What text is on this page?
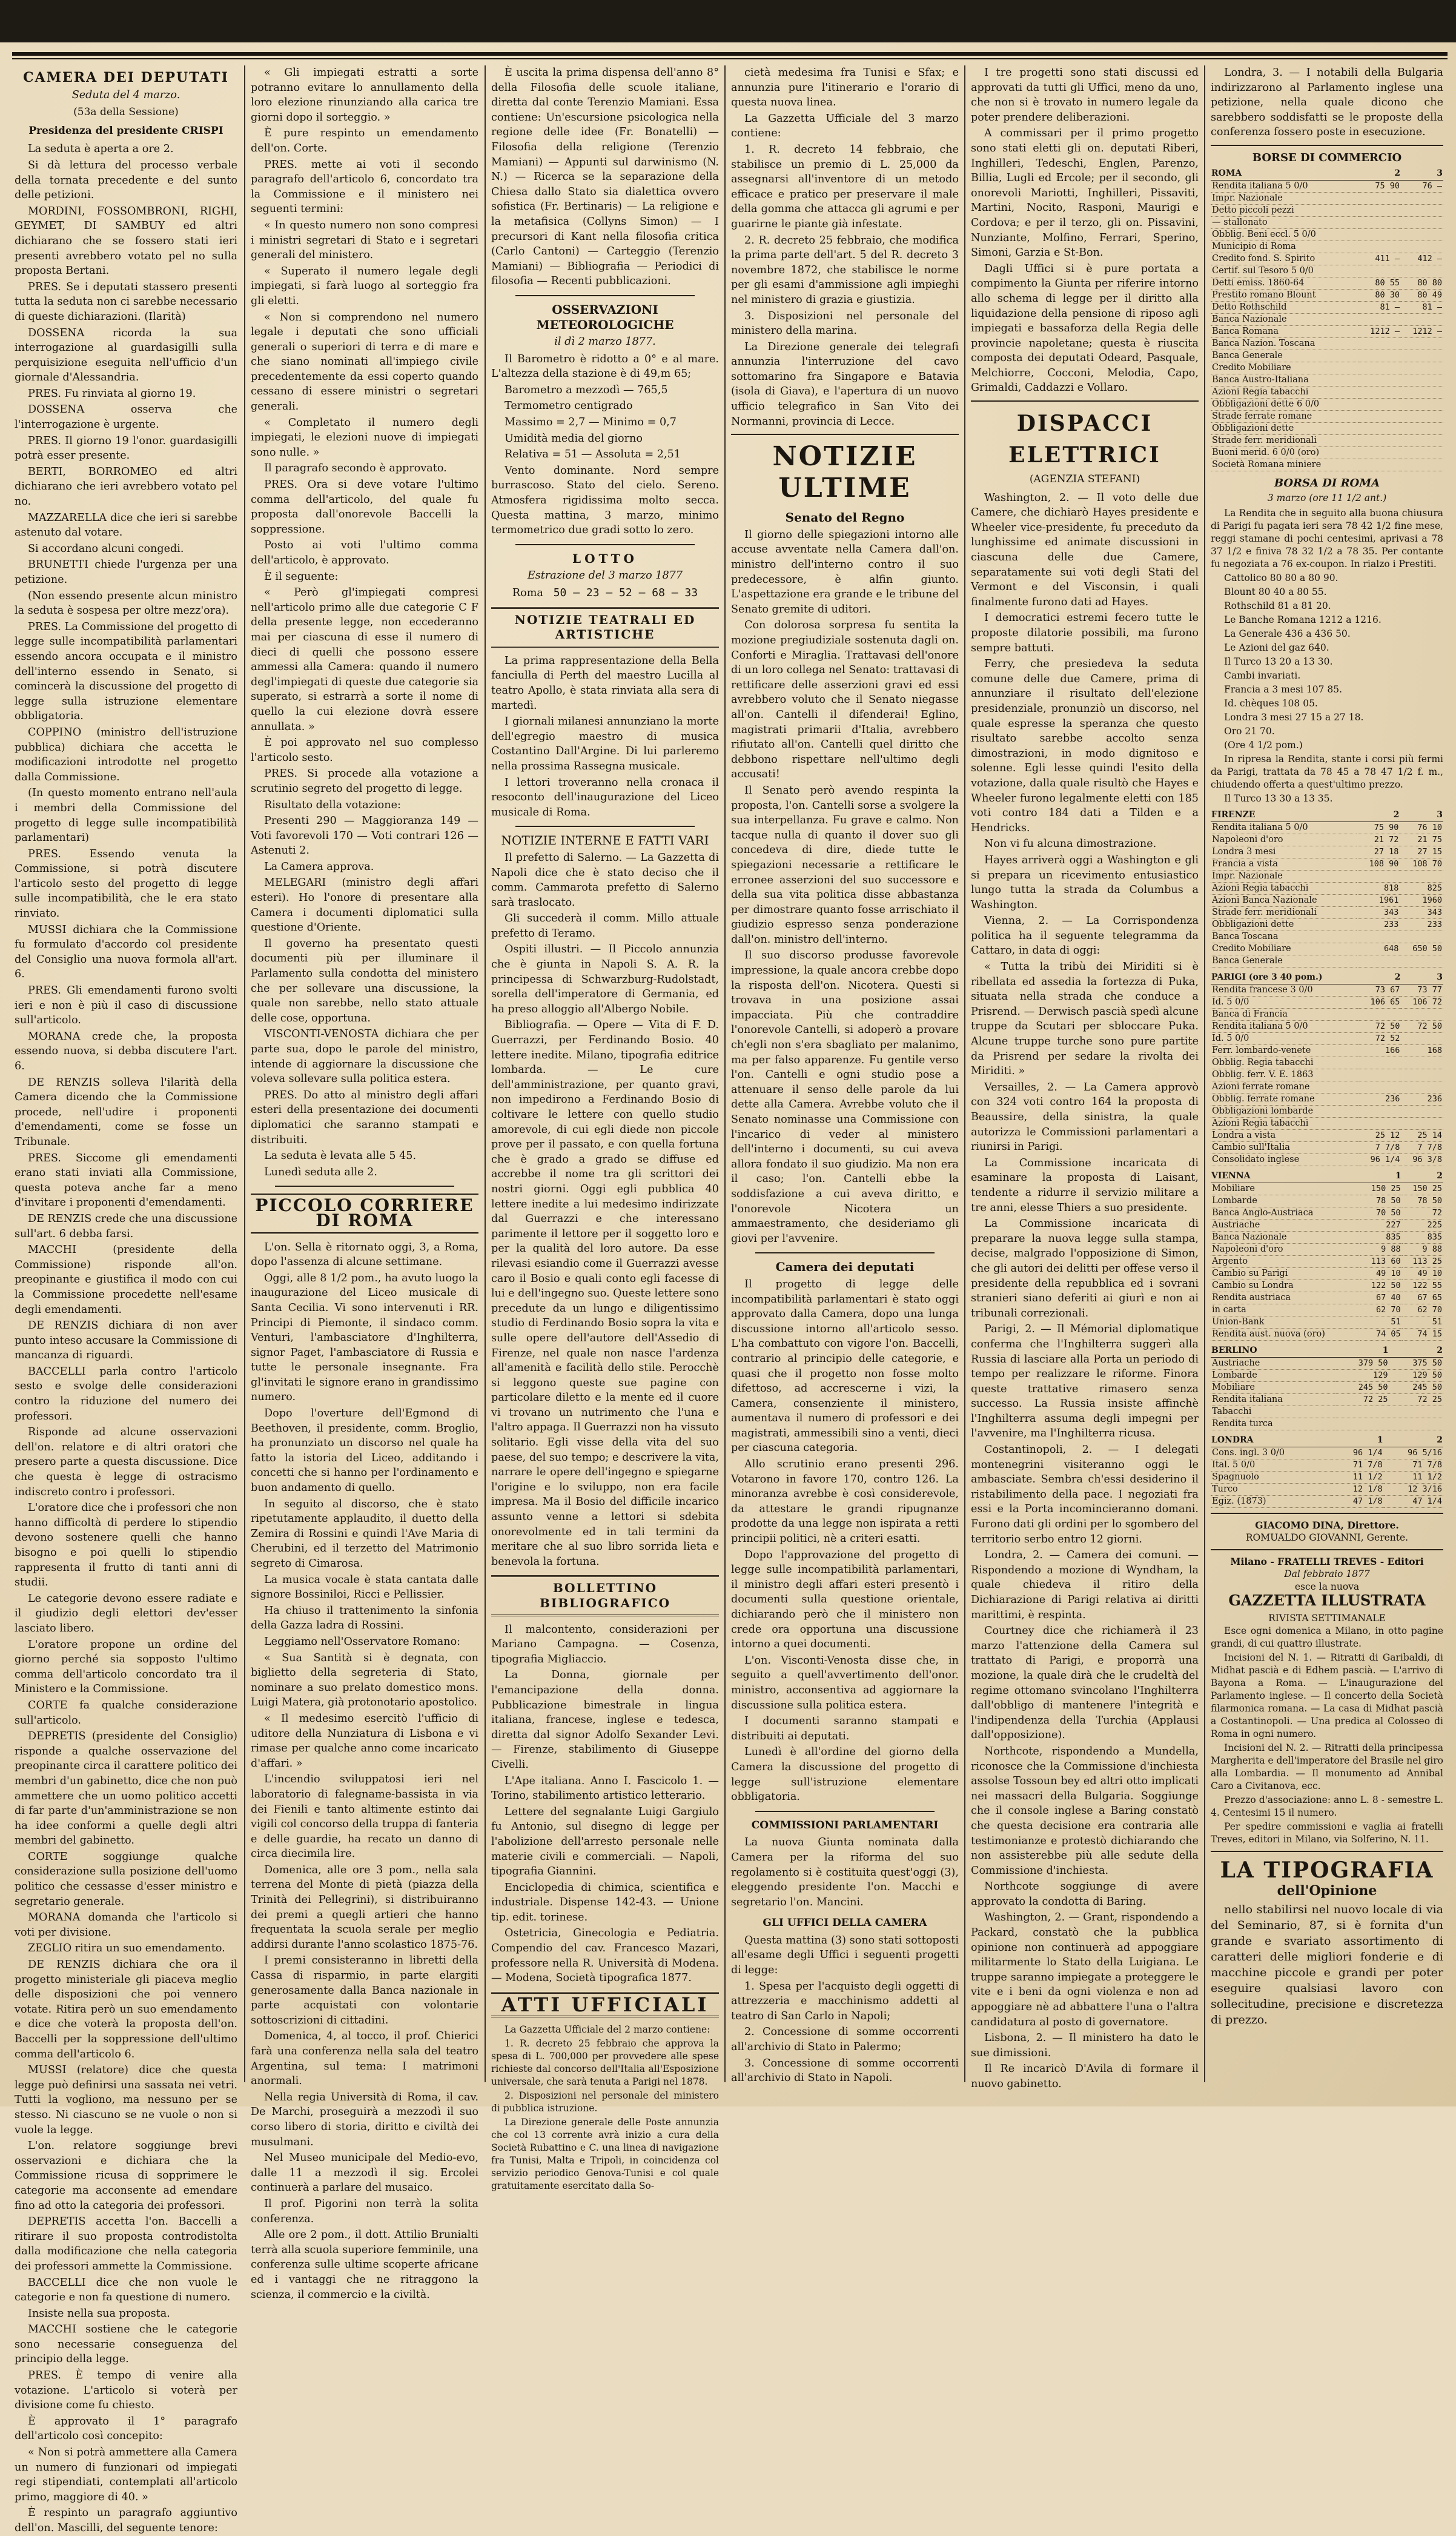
CAMERA DEI DEPUTATI
Seduta del 4 marzo.
(53a della Sessione)
Presidenza del presidente CRISPI

La seduta è aperta a ore 2.

Si dà lettura del processo verbale della tornata precedente e del sunto delle petizioni.

MORDINI, FOSSOMBRONI, RIGHI, GEYMET, DI SAMBUY ed altri dichiarano che se fossero stati ieri presenti avrebbero votato pel no sulla proposta Bertani.

PRES. Se i deputati stassero presenti tutta la seduta non ci sarebbe necessario di queste dichiarazioni. (Ilarità)

DOSSENA ricorda la sua interrogazione al guardasigilli sulla perquisizione eseguita nell'ufficio d'un giornale d'Alessandria.

PRES. Fu rinviata al giorno 19.

DOSSENA osserva che l'interrogazione è urgente.

PRES. Il giorno 19 l'onor. guardasigilli potrà esser presente.

BERTI, BORROMEO ed altri dichiarano che ieri avrebbero votato pel no.

MAZZARELLA dice che ieri si sarebbe astenuto dal votare.

Si accordano alcuni congedi.

BRUNETTI chiede l'urgenza per una petizione.

(Non essendo presente alcun ministro la seduta è sospesa per oltre mezz'ora).

PRES. La Commissione del progetto di legge sulle incompatibilità parlamentari essendo ancora occupata e il ministro dell'interno essendo in Senato, si comincerà la discussione del progetto di legge sulla istruzione elementare obbligatoria.

COPPINO (ministro dell'istruzione pubblica) dichiara che accetta le modificazioni introdotte nel progetto dalla Commissione.

(In questo momento entrano nell'aula i membri della Commissione del progetto di legge sulle incompatibilità parlamentari)

PRES. Essendo venuta la Commissione, si potrà discutere l'articolo sesto del progetto di legge sulle incompatibilità, che le era stato rinviato.

MUSSI dichiara che la Commissione fu formulato d'accordo col presidente del Consiglio una nuova formola all'art. 6.

PRES. Gli emendamenti furono svolti ieri e non è più il caso di discussione sull'articolo.

MORANA crede che, la proposta essendo nuova, si debba discutere l'art. 6.

DE RENZIS solleva l'ilarità della Camera dicendo che la Commissione procede, nell'udire i proponenti d'emendamenti, come se fosse un Tribunale.

PRES. Siccome gli emendamenti erano stati inviati alla Commissione, questa poteva anche far a meno d'invitare i proponenti d'emendamenti.

DE RENZIS crede che una discussione sull'art. 6 debba farsi.

MACCHI (presidente della Commissione) risponde all'on. preopinante e giustifica il modo con cui la Commissione procedette nell'esame degli emendamenti.

DE RENZIS dichiara di non aver punto inteso accusare la Commissione di mancanza di riguardi.

BACCELLI parla contro l'articolo sesto e svolge delle considerazioni contro la riduzione del numero dei professori.

Risponde ad alcune osservazioni dell'on. relatore e di altri oratori che presero parte a questa discussione. Dice che questa è legge di ostracismo indiscreto contro i professori.

L'oratore dice che i professori che non hanno difficoltà di perdere lo stipendio devono sostenere quelli che hanno bisogno e poi quelli lo stipendio rappresenta il frutto di tanti anni di studii.

Le categorie devono essere radiate e il giudizio degli elettori dev'esser lasciato libero.

L'oratore propone un ordine del giorno perché sia sopposto l'ultimo comma dell'articolo concordato tra il Ministero e la Commissione.

CORTE fa qualche considerazione sull'articolo.

DEPRETIS (presidente del Consiglio) risponde a qualche osservazione del preopinante circa il carattere politico dei membri d'un gabinetto, dice che non può ammettere che un uomo politico accetti di far parte d'un'amministrazione se non ha idee conformi a quelle degli altri membri del gabinetto.

CORTE soggiunge qualche considerazione sulla posizione dell'uomo politico che cessasse d'esser ministro e segretario generale.

MORANA domanda che l'articolo si voti per divisione.

ZEGLIO ritira un suo emendamento.

DE RENZIS dichiara che ora il progetto ministeriale gli piaceva meglio delle disposizioni che poi vennero votate. Ritira però un suo emendamento e dice che voterà la proposta dell'on. Baccelli per la soppressione dell'ultimo comma dell'articolo 6.

MUSSI (relatore) dice che questa legge può definirsi una sassata nei vetri. Tutti la vogliono, ma nessuno per se stesso. Ni ciascuno se ne vuole o non si vuole la legge.

L'on. relatore soggiunge brevi osservazioni e dichiara che la Commissione ricusa di sopprimere le categorie ma acconsente ad emendare fino ad otto la categoria dei professori.

DEPRETIS accetta l'on. Baccelli a ritirare il suo proposta controdistolta dalla modificazione che nella categoria dei professori ammette la Commissione.

BACCELLI dice che non vuole le categorie e non fa questione di numero.

Insiste nella sua proposta.

MACCHI sostiene che le categorie sono necessarie conseguenza del principio della legge.

PRES. È tempo di venire alla votazione. L'articolo si voterà per divisione come fu chiesto.

È approvato il 1° paragrafo dell'articolo così concepito:

« Non si potrà ammettere alla Camera un numero di funzionari od impiegati regi stipendiati, contemplati all'articolo primo, maggiore di 40. »

È respinto un paragrafo aggiuntivo dell'on. Mascilli, del seguente tenore:

« Gli impiegati estratti a sorte potranno evitare lo annullamento della loro elezione rinunziando alla carica tre giorni dopo il sorteggio. »

È pure respinto un emendamento dell'on. Corte.

PRES. mette ai voti il secondo paragrafo dell'articolo 6, concordato tra la Commissione e il ministero nei seguenti termini:

« In questo numero non sono compresi i ministri segretari di Stato e i segretari generali del ministero.

« Superato il numero legale degli impiegati, si farà luogo al sorteggio fra gli eletti.

« Non si comprendono nel numero legale i deputati che sono ufficiali generali o superiori di terra e di mare e che siano nominati all'impiego civile precedentemente da essi coperto quando cessano di essere ministri o segretari generali.

« Completato il numero degli impiegati, le elezioni nuove di impiegati sono nulle. »

Il paragrafo secondo è approvato.

PRES. Ora si deve votare l'ultimo comma dell'articolo, del quale fu proposta dall'onorevole Baccelli la soppressione.

Posto ai voti l'ultimo comma dell'articolo, è approvato.

È il seguente:

« Però gl'impiegati compresi nell'articolo primo alle due categorie C F della presente legge, non eccederanno mai per ciascuna di esse il numero di dieci di quelli che possono essere ammessi alla Camera: quando il numero degl'impiegati di queste due categorie sia superato, si estrarrà a sorte il nome di quello la cui elezione dovrà essere annullata. »

È poi approvato nel suo complesso l'articolo sesto.

PRES. Si procede alla votazione a scrutinio segreto del progetto di legge.

Risultato della votazione:

Presenti 290 — Maggioranza 149 — Voti favorevoli 170 — Voti contrari 126 — Astenuti 2.

La Camera approva.

MELEGARI (ministro degli affari esteri). Ho l'onore di presentare alla Camera i documenti diplomatici sulla questione d'Oriente.

Il governo ha presentato questi documenti più per illuminare il Parlamento sulla condotta del ministero che per sollevare una discussione, la quale non sarebbe, nello stato attuale delle cose, opportuna.

VISCONTI-VENOSTA dichiara che per parte sua, dopo le parole del ministro, intende di aggiornare la discussione che voleva sollevare sulla politica estera.

PRES. Do atto al ministro degli affari esteri della presentazione dei documenti diplomatici che saranno stampati e distribuiti.

La seduta è levata alle 5 45.

Lunedì seduta alle 2.

PICCOLO CORRIERE DI ROMA

L'on. Sella è ritornato oggi, 3, a Roma, dopo l'assenza di alcune settimane.

Oggi, alle 8 1/2 pom., ha avuto luogo la inaugurazione del Liceo musicale di Santa Cecilia. Vi sono intervenuti i RR. Principi di Piemonte, il sindaco comm. Venturi, l'ambasciatore d'Inghilterra, signor Paget, l'ambasciatore di Russia e tutte le personale insegnante. Fra gl'invitati le signore erano in grandissimo numero.

Dopo l'overture dell'Egmond di Beethoven, il presidente, comm. Broglio, ha pronunziato un discorso nel quale ha fatto la istoria del Liceo, additando i concetti che si hanno per l'ordinamento e buon andamento di quello.

In seguito al discorso, che è stato ripetutamente applaudito, il duetto della Zemira di Rossini e quindi l'Ave Maria di Cherubini, ed il terzetto del Matrimonio segreto di Cimarosa.

La musica vocale è stata cantata dalle signore Bossiniloi, Ricci e Pellissier.

Ha chiuso il trattenimento la sinfonia della Gazza ladra di Rossini.

Leggiamo nell'Osservatore Romano:

« Sua Santità si è degnata, con biglietto della segreteria di Stato, nominare a suo prelato domestico mons. Luigi Matera, già protonotario apostolico.

« Il medesimo esercitò l'ufficio di uditore della Nunziatura di Lisbona e vi rimase per qualche anno come incaricato d'affari. »

L'incendio sviluppatosi ieri nel laboratorio di falegname-bassista in via dei Fienili e tanto altimente estinto dai vigili col concorso della truppa di fanteria e delle guardie, ha recato un danno di circa diecimila lire.

Domenica, alle ore 3 pom., nella sala terrena del Monte di pietà (piazza della Trinità dei Pellegrini), si distribuiranno dei premi a quegli artieri che hanno frequentata la scuola serale per meglio addirsi durante l'anno scolastico 1875-76.

I premi consisteranno in libretti della Cassa di risparmio, in parte elargiti generosamente dalla Banca nazionale in parte acquistati con volontarie sottoscrizioni di cittadini.

Domenica, 4, al tocco, il prof. Chierici farà una conferenza nella sala del teatro Argentina, sul tema: I matrimoni anormali.

Nella regia Università di Roma, il cav. De Marchi, proseguirà a mezzodì il suo corso libero di storia, diritto e civiltà dei musulmani.

Nel Museo municipale del Medio-evo, dalle 11 a mezzodì il sig. Ercolei continuerà a parlare del musaico.

Il prof. Pigorini non terrà la solita conferenza.

Alle ore 2 pom., il dott. Attilio Brunialti terrà alla scuola superiore femminile, una conferenza sulle ultime scoperte africane ed i vantaggi che ne ritraggono la scienza, il commercio e la civiltà.

È uscita la prima dispensa dell'anno 8° della Filosofia delle scuole italiane, diretta dal conte Terenzio Mamiani. Essa contiene: Un'escursione psicologica nella regione delle idee (Fr. Bonatelli) — Filosofia della religione (Terenzio Mamiani) — Appunti sul darwinismo (N. N.) — Ricerca se la separazione della Chiesa dallo Stato sia dialettica ovvero sofistica (Fr. Bertinaris) — La religione e la metafisica (Collyns Simon) — I precursori di Kant nella filosofia critica (Carlo Cantoni) — Carteggio (Terenzio Mamiani) — Bibliografia — Periodici di filosofia — Recenti pubblicazioni.

OSSERVAZIONI METEOROLOGICHE
il dì 2 marzo 1877.

Il Barometro è ridotto a 0° e al mare. L'altezza della stazione è di 49,m 65;

Barometro a mezzodì — 765,5

Termometro centigrado

Massimo = 2,7 — Minimo = 0,7

Umidità media del giorno

Relativa = 51 — Assoluta = 2,51

Vento dominante. Nord sempre burrascoso. Stato del cielo. Sereno. Atmosfera rigidissima molto secca. Questa mattina, 3 marzo, minimo termometrico due gradi sotto lo zero.

LOTTO
Estrazione del 3 marzo 1877
Roma 50 — 23 — 52 — 68 — 33
NOTIZIE TEATRALI ED ARTISTICHE

La prima rappresentazione della Bella fanciulla di Perth del maestro Lucilla al teatro Apollo, è stata rinviata alla sera di martedì.

I giornali milanesi annunziano la morte dell'egregio maestro di musica Costantino Dall'Argine. Di lui parleremo nella prossima Rassegna musicale.

I lettori troveranno nella cronaca il resoconto dell'inaugurazione del Liceo musicale di Roma.

NOTIZIE INTERNE E FATTI VARI

Il prefetto di Salerno. — La Gazzetta di Napoli dice che è stato deciso che il comm. Cammarota prefetto di Salerno sarà traslocato.

Gli succederà il comm. Millo attuale prefetto di Teramo.

Ospiti illustri. — Il Piccolo annunzia che è giunta in Napoli S. A. R. la principessa di Schwarzburg-Rudolstadt, sorella dell'imperatore di Germania, ed ha preso alloggio all'Albergo Nobile.

Bibliografia. — Opere — Vita di F. D. Guerrazzi, per Ferdinando Bosio. 40 lettere inedite. Milano, tipografia editrice lombarda. — Le cure dell'amministrazione, per quanto gravi, non impedirono a Ferdinando Bosio di coltivare le lettere con quello studio amorevole, di cui egli diede non piccole prove per il passato, e con quella fortuna che è grado a grado se diffuse ed accrebbe il nome tra gli scrittori dei nostri giorni. Oggi egli pubblica 40 lettere inedite a lui medesimo indirizzate dal Guerrazzi e che interessano parimente il lettore per il soggetto loro e per la qualità del loro autore. Da esse rilevasi esiandio come il Guerrazzi avesse caro il Bosio e quali conto egli facesse di lui e dell'ingegno suo. Queste lettere sono precedute da un lungo e diligentissimo studio di Ferdinando Bosio sopra la vita e sulle opere dell'autore dell'Assedio di Firenze, nel quale non nasce l'ardenza all'amenità e facilità dello stile. Perocchè si leggono queste sue pagine con particolare diletto e la mente ed il cuore vi trovano un nutrimento che l'una e l'altro appaga. Il Guerrazzi non ha vissuto solitario. Egli visse della vita del suo paese, del suo tempo; e descrivere la vita, narrare le opere dell'ingegno e spiegarne l'origine e lo sviluppo, non era facile impresa. Ma il Bosio del difficile incarico assunto venne a lettori si sdebita onorevolmente ed in tali termini da meritare che al suo libro sorrida lieta e benevola la fortuna.

BOLLETTINO BIBLIOGRAFICO

Il malcontento, considerazioni per Mariano Campagna. — Cosenza, tipografia Migliaccio.

La Donna, giornale per l'emancipazione della donna. Pubblicazione bimestrale in lingua italiana, francese, inglese e tedesca, diretta dal signor Adolfo Sexander Levi. — Firenze, stabilimento di Giuseppe Civelli.

L'Ape italiana. Anno I. Fascicolo 1. — Torino, stabilimento artistico letterario.

Lettere del segnalante Luigi Gargiulo fu Antonio, sul disegno di legge per l'abolizione dell'arresto personale nelle materie civili e commerciali. — Napoli, tipografia Giannini.

Enciclopedia di chimica, scientifica e industriale. Dispense 142-43. — Unione tip. edit. torinese.

Ostetricia, Ginecologia e Pediatria. Compendio del cav. Francesco Mazari, professore nella R. Università di Modena. — Modena, Società tipografica 1877.

ATTI UFFICIALI

La Gazzetta Ufficiale del 2 marzo contiene:

1. R. decreto 25 febbraio che approva la spesa di L. 700,000 per provvedere alle spese richieste dal concorso dell'Italia all'Esposizione universale, che sarà tenuta a Parigi nel 1878.

2. Disposizioni nel personale del ministero di pubblica istruzione.

La Direzione generale delle Poste annunzia che col 13 corrente avrà inizio a cura della Società Rubattino e C. una linea di navigazione fra Tunisi, Malta e Tripoli, in coincidenza col servizio periodico Genova-Tunisi e col quale gratuitamente esercitato dalla So-

cietà medesima fra Tunisi e Sfax; e annunzia pure l'itinerario e l'orario di questa nuova linea.

La Gazzetta Ufficiale del 3 marzo contiene:

1. R. decreto 14 febbraio, che stabilisce un premio di L. 25,000 da assegnarsi all'inventore di un metodo efficace e pratico per preservare il male della gomma che attacca gli agrumi e per guarirne le piante già infestate.

2. R. decreto 25 febbraio, che modifica la prima parte dell'art. 5 del R. decreto 3 novembre 1872, che stabilisce le norme per gli esami d'ammissione agli impieghi nel ministero di grazia e giustizia.

3. Disposizioni nel personale del ministero della marina.

La Direzione generale dei telegrafi annunzia l'interruzione del cavo sottomarino fra Singapore e Batavia (isola di Giava), e l'apertura di un nuovo ufficio telegrafico in San Vito dei Normanni, provincia di Lecce.

NOTIZIE ULTIME
Senato del Regno

Il giorno delle spiegazioni intorno alle accuse avventate nella Camera dall'on. ministro dell'interno contro il suo predecessore, è alfin giunto. L'aspettazione era grande e le tribune del Senato gremite di uditori.

Con dolorosa sorpresa fu sentita la mozione pregiudiziale sostenuta dagli on. Conforti e Miraglia. Trattavasi dell'onore di un loro collega nel Senato: trattavasi di rettificare delle asserzioni gravi ed essi avrebbero voluto che il Senato niegasse all'on. Cantelli il difenderai! Eglino, magistrati primarii d'Italia, avrebbero rifiutato all'on. Cantelli quel diritto che debbono rispettare nell'ultimo degli accusati!

Il Senato però avendo respinta la proposta, l'on. Cantelli sorse a svolgere la sua interpellanza. Fu grave e calmo. Non tacque nulla di quanto il dover suo gli concedeva di dire, diede tutte le spiegazioni necessarie a rettificare le erronee asserzioni del suo successore e della sua vita politica disse abbastanza per dimostrare quanto fosse arrischiato il giudizio espresso senza ponderazione dall'on. ministro dell'interno.

Il suo discorso produsse favorevole impressione, la quale ancora crebbe dopo la risposta dell'on. Nicotera. Questi si trovava in una posizione assai impacciata. Più che contraddire l'onorevole Cantelli, si adoperò a provare ch'egli non s'era sbagliato per malanimo, ma per falso apparenze. Fu gentile verso l'on. Cantelli e ogni studio pose a attenuare il senso delle parole da lui dette alla Camera. Avrebbe voluto che il Senato nominasse una Commissione con l'incarico di veder al ministero dell'interno i documenti, su cui aveva allora fondato il suo giudizio. Ma non era il caso; l'on. Cantelli ebbe la soddisfazione a cui aveva diritto, e l'onorevole Nicotera un ammaestramento, che desideriamo gli giovi per l'avvenire.

Camera dei deputati

Il progetto di legge delle incompatibilità parlamentari è stato oggi approvato dalla Camera, dopo una lunga discussione intorno all'articolo sesso. L'ha combattuto con vigore l'on. Baccelli, contrario al principio delle categorie, e quasi che il progetto non fosse molto difettoso, ad accrescerne i vizi, la Camera, consenziente il ministero, aumentava il numero di professori e dei magistrati, ammessibili sino a venti, dieci per ciascuna categoria.

Allo scrutinio erano presenti 296. Votarono in favore 170, contro 126. La minoranza avrebbe è così considerevole, da attestare le grandi ripugnanze prodotte da una legge non ispirata a retti principii politici, nè a criteri esatti.

Dopo l'approvazione del progetto di legge sulle incompatibilità parlamentari, il ministro degli affari esteri presentò i documenti sulla questione orientale, dichiarando però che il ministero non crede ora opportuna una discussione intorno a quei documenti.

L'on. Visconti-Venosta disse che, in seguito a quell'avvertimento dell'onor. ministro, acconsentiva ad aggiornare la discussione sulla politica estera.

I documenti saranno stampati e distribuiti ai deputati.

Lunedì è all'ordine del giorno della Camera la discussione del progetto di legge sull'istruzione elementare obbligatoria.

COMMISSIONI PARLAMENTARI

La nuova Giunta nominata dalla Camera per la riforma del suo regolamento si è costituita quest'oggi (3), eleggendo presidente l'on. Macchi e segretario l'on. Mancini.

GLI UFFICI DELLA CAMERA

Questa mattina (3) sono stati sottoposti all'esame degli Uffici i seguenti progetti di legge:

1. Spesa per l'acquisto degli oggetti di attrezzeria e macchinismo addetti al teatro di San Carlo in Napoli;

2. Concessione di somme occorrenti all'archivio di Stato in Palermo;

3. Concessione di somme occorrenti all'archivio di Stato in Napoli.

I tre progetti sono stati discussi ed approvati da tutti gli Uffici, meno da uno, che non si è trovato in numero legale da poter prendere deliberazioni.

A commissari per il primo progetto sono stati eletti gli on. deputati Riberi, Inghilleri, Tedeschi, Englen, Parenzo, Billia, Lugli ed Ercole; per il secondo, gli onorevoli Mariotti, Inghilleri, Pissaviti, Martini, Nocito, Rasponi, Maurigi e Cordova; e per il terzo, gli on. Pissavini, Nunziante, Molfino, Ferrari, Sperino, Simoni, Garzia e St-Bon.

Dagli Uffici si è pure portata a compimento la Giunta per riferire intorno allo schema di legge per il diritto alla liquidazione della pensione di riposo agli impiegati e bassaforza della Regia delle provincie napoletane; questa è riuscita composta dei deputati Odeard, Pasquale, Melchiorre, Cocconi, Melodia, Capo, Grimaldi, Caddazzi e Vollaro.

DISPACCI ELETTRICI
(AGENZIA STEFANI)

Washington, 2. — Il voto delle due Camere, che dichiarò Hayes presidente e Wheeler vice-presidente, fu preceduto da lunghissime ed animate discussioni in ciascuna delle due Camere, separatamente sui voti degli Stati del Vermont e del Visconsin, i quali finalmente furono dati ad Hayes.

I democratici estremi fecero tutte le proposte dilatorie possibili, ma furono sempre battuti.

Ferry, che presiedeva la seduta comune delle due Camere, prima di annunziare il risultato dell'elezione presidenziale, pronunziò un discorso, nel quale espresse la speranza che questo risultato sarebbe accolto senza dimostrazioni, in modo dignitoso e solenne. Egli lesse quindi l'esito della votazione, dalla quale risultò che Hayes e Wheeler furono legalmente eletti con 185 voti contro 184 dati a Tilden e a Hendricks.

Non vi fu alcuna dimostrazione.

Hayes arriverà oggi a Washington e gli si prepara un ricevimento entusiastico lungo tutta la strada da Columbus a Washington.

Vienna, 2. — La Corrispondenza politica ha il seguente telegramma da Cattaro, in data di oggi:

« Tutta la tribù dei Miriditi si è ribellata ed assedia la fortezza di Puka, situata nella strada che conduce a Prisrend. — Derwisch pascià spedì alcune truppe da Scutari per sbloccare Puka. Alcune truppe turche sono pure partite da Prisrend per sedare la rivolta dei Miriditi. »

Versailles, 2. — La Camera approvò con 324 voti contro 164 la proposta di Beaussire, della sinistra, la quale autorizza le Commissioni parlamentari a riunirsi in Parigi.

La Commissione incaricata di esaminare la proposta di Laisant, tendente a ridurre il servizio militare a tre anni, elesse Thiers a suo presidente.

La Commissione incaricata di preparare la nuova legge sulla stampa, decise, malgrado l'opposizione di Simon, che gli autori dei delitti per offese verso il presidente della repubblica ed i sovrani stranieri siano deferiti ai giurì e non ai tribunali correzionali.

Parigi, 2. — Il Mémorial diplomatique conferma che l'Inghilterra suggerì alla Russia di lasciare alla Porta un periodo di tempo per realizzare le riforme. Finora queste trattative rimasero senza successo. La Russia insiste affinchè l'Inghilterra assuma degli impegni per l'avvenire, ma l'Inghilterra ricusa.

Costantinopoli, 2. — I delegati montenegrini visiteranno oggi le ambasciate. Sembra ch'essi desiderino il ristabilimento della pace. I negoziati fra essi e la Porta incomincieranno domani. Furono dati gli ordini per lo sgombero del territorio serbo entro 12 giorni.

Londra, 2. — Camera dei comuni. — Rispondendo a mozione di Wyndham, la quale chiedeva il ritiro della Dichiarazione di Parigi relativa ai diritti marittimi, è respinta.

Courtney dice che richiamerà il 23 marzo l'attenzione della Camera sul trattato di Parigi, e proporrà una mozione, la quale dirà che le crudeltà del regime ottomano svincolano l'Inghilterra dall'obbligo di mantenere l'integrità e l'indipendenza della Turchia (Applausi dall'opposizione).

Northcote, rispondendo a Mundella, riconosce che la Commissione d'inchiesta assolse Tossoun bey ed altri otto implicati nei massacri della Bulgaria. Soggiunge che il console inglese a Baring constatò che questa decisione era contraria alle testimonianze e protestò dichiarando che non assisterebbe più alle sedute della Commissione d'inchiesta.

Northcote soggiunge di avere approvato la condotta di Baring.

Washington, 2. — Grant, rispondendo a Packard, constatò che la pubblica opinione non continuerà ad appoggiare militarmente lo Stato della Luigiana. Le truppe saranno impiegate a proteggere le vite e i beni da ogni violenza e non ad appoggiare nè ad abbattere l'una o l'altra candidatura al posto di governatore.

Lisbona, 2. — Il ministero ha dato le sue dimissioni.

Il Re incaricò D'Avila di formare il nuovo gabinetto.

Londra, 3. — I notabili della Bulgaria indirizzarono al Parlamento inglese una petizione, nella quale dicono che sarebbero soddisfatti se le proposte della conferenza fossero poste in esecuzione.

BORSE DI COMMERCIO
ROMA	2	3
Rendita italiana 5 0/0	75 90	76 —
Impr. Nazionale		
Detto piccoli pezzi		
— stallonato		
Obblig. Beni eccl. 5 0/0		
Municipio di Roma		
Credito fond. S. Spirito	411 —	412 —
Certif. sul Tesoro 5 0/0		
Detti emiss. 1860-64	80 55	80 80
Prestito romano Blount	80 30	80 49
Detto Rothschild	81 —	81 —
Banca Nazionale		
Banca Romana	1212 —	1212 —
Banca Nazion. Toscana		
Banca Generale		
Credito Mobiliare		
Banca Austro-Italiana		
Azioni Regia tabacchi		
Obbligazioni dette 6 0/0		
Strade ferrate romane		
Obbligazioni dette		
Strade ferr. meridionali		
Buoni merid. 6 0/0 (oro)		
Società Romana miniere		
BORSA DI ROMA
3 marzo (ore 11 1/2 ant.)

La Rendita che in seguito alla buona chiusura di Parigi fu pagata ieri sera 78 42 1/2 fine mese, reggi stamane di pochi centesimi, aprivasi a 78 37 1/2 e finiva 78 32 1/2 a 78 35. Per contante fu negoziata a 76 ex-coupon. In rialzo i Prestiti.

Cattolico 80 80 a 80 90.

Blount 80 40 a 80 55.

Rothschild 81 a 81 20.

Le Banche Romana 1212 a 1216.

La Generale 436 a 436 50.

Le Azioni del gaz 640.

Il Turco 13 20 a 13 30.

Cambi invariati.

Francia a 3 mesi 107 85.

Id. chèques 108 05.

Londra 3 mesi 27 15 a 27 18.

Oro 21 70.

(Ore 4 1/2 pom.)

In ripresa la Rendita, stante i corsi più fermi da Parigi, trattata da 78 45 a 78 47 1/2 f. m., chiudendo offerta a quest'ultimo prezzo.

Il Turco 13 30 a 13 35.

FIRENZE	2	3
Rendita italiana 5 0/0	75 90	76 10
Napoleoni d'oro	21 72	21 75
Londra 3 mesi	27 18	27 15
Francia a vista	108 90	108 70
Impr. Nazionale		
Azioni Regia tabacchi	818	825
Azioni Banca Nazionale	1961	1960
Strade ferr. meridionali	343	343
Obbligazioni dette	233	233
Banca Toscana		
Credito Mobiliare	648	650 50
Banca Generale		
PARIGI (ore 3 40 pom.)	2	3
Rendita francese 3 0/0	73 67	73 77
Id. 5 0/0	106 65	106 72
Banca di Francia		
Rendita italiana 5 0/0	72 50	72 50
Id. 5 0/0	72 52	
Ferr. lombardo-venete	166	168
Obblig. Regia tabacchi		
Obblig. ferr. V. E. 1863		
Azioni ferrate romane		
Obblig. ferrate romane	236	236
Obbligazioni lombarde		
Azioni Regia tabacchi		
Londra a vista	25 12	25 14
Cambio sull'Italia	7 7/8	7 7/8
Consolidato inglese	96 1/4	96 3/8
VIENNA	1	2
Mobiliare	150 25	150 25
Lombarde	78 50	78 50
Banca Anglo-Austriaca	70 50	72
Austriache	227	225
Banca Nazionale	835	835
Napoleoni d'oro	9 88	9 88
Argento	113 60	113 25
Cambio su Parigi	49 10	49 10
Cambio su Londra	122 50	122 55
Rendita austriaca	67 40	67 65
in carta	62 70	62 70
Union-Bank	51	51
Rendita aust. nuova (oro)	74 05	74 15
BERLINO	1	2
Austriache	379 50	375 50
Lombarde	129	129 50
Mobiliare	245 50	245 50
Rendita italiana	72 25	72 25
Tabacchi		
Rendita turca		
LONDRA	1	2
Cons. ingl. 3 0/0	96 1/4	96 5/16
Ital. 5 0/0	71 7/8	71 7/8
Spagnuolo	11 1/2	11 1/2
Turco	12 1/8	12 3/16
Egiz. (1873)	47 1/8	47 1/4
GIACOMO DINA, Direttore.
ROMUALDO GIOVANNI, Gerente.
Milano - FRATELLI TREVES - Editori
Dal febbraio 1877
esce la nuova
GAZZETTA ILLUSTRATA
RIVISTA SETTIMANALE

Esce ogni domenica a Milano, in otto pagine grandi, di cui quattro illustrate.

Incisioni del N. 1. — Ritratti di Garibaldi, di Midhat pascià e di Edhem pascià. — L'arrivo di Bayona a Roma. — L'inaugurazione del Parlamento inglese. — Il concerto della Società filarmonica romana. — La casa di Midhat pascià a Costantinopoli. — Una predica al Colosseo di Roma in ogni numero.

Incisioni del N. 2. — Ritratti della principessa Margherita e dell'imperatore del Brasile nel giro alla Lombardia. — Il monumento ad Annibal Caro a Civitanova, ecc.

Prezzo d'associazione: anno L. 8 - semestre L. 4. Centesimi 15 il numero.

Per spedire commissioni e vaglia ai fratelli Treves, editori in Milano, via Solferino, N. 11.

LA TIPOGRAFIA
dell'Opinione
nello stabilirsi nel nuovo locale di via del Seminario, 87, si è fornita d'un grande e svariato assortimento di caratteri delle migliori fonderie e di macchine piccole e grandi per poter eseguire qualsiasi lavoro con sollecitudine, precisione e discretezza di prezzo.
